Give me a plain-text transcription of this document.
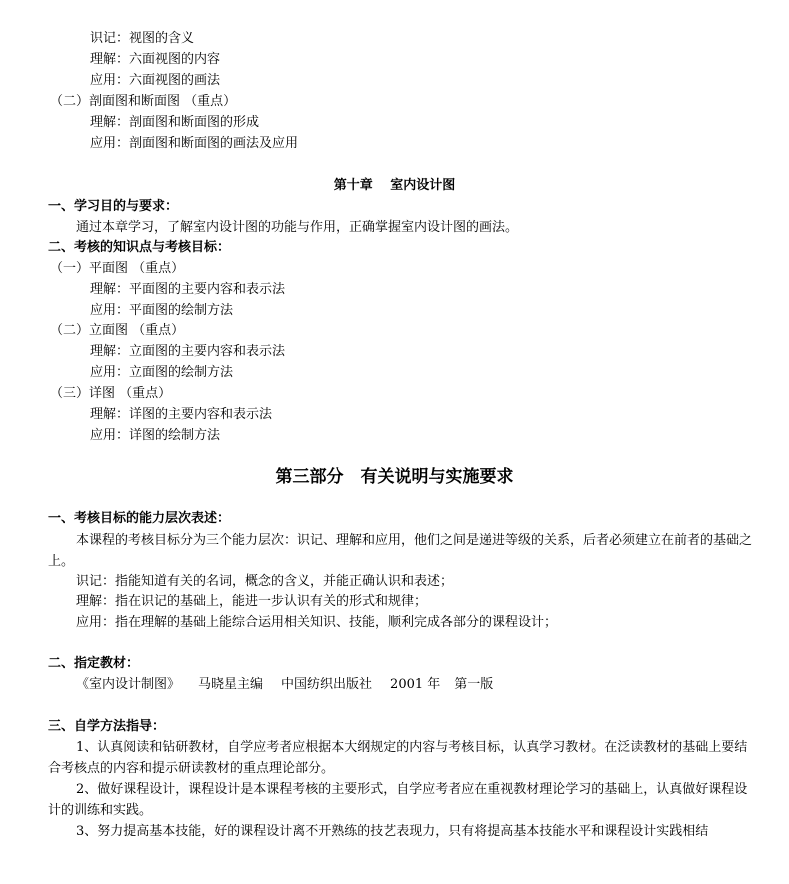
识记：视图的含义
理解：六面视图的内容
应用：六面视图的画法
（二）剖面图和断面图 （重点）
理解：剖面图和断面图的形成
应用：剖面图和断面图的画法及应用
第十章　 室内设计图
一、学习目的与要求：
通过本章学习，了解室内设计图的功能与作用，正确掌握室内设计图的画法。
二、考核的知识点与考核目标：
（一）平面图 （重点）
理解：平面图的主要内容和表示法
应用：平面图的绘制方法
（二）立面图 （重点）
理解：立面图的主要内容和表示法
应用：立面图的绘制方法
（三）详图 （重点）
理解：详图的主要内容和表示法
应用：详图的绘制方法
第三部分　有关说明与实施要求
一、考核目标的能力层次表述：
本课程的考核目标分为三个能力层次：识记、理解和应用，他们之间是递进等级的关系，后者必须建立在前者的基础之上。
识记：指能知道有关的名词，概念的含义，并能正确认识和表述；
理解：指在识记的基础上，能进一步认识有关的形式和规律；
应用：指在理解的基础上能综合运用相关知识、技能，顺利完成各部分的课程设计；
二、指定教材：
《室内设计制图》 马晓星主编 中国纺织出版社 2001 年 第一版
三、自学方法指导：
1、认真阅读和钻研教材，自学应考者应根据本大纲规定的内容与考核目标，认真学习教材。在泛读教材的基础上要结合考核点的内容和提示研读教材的重点理论部分。
2、做好课程设计，课程设计是本课程考核的主要形式，自学应考者应在重视教材理论学习的基础上，认真做好课程设计的训练和实践。
3、努力提高基本技能，好的课程设计离不开熟练的技艺表现力，只有将提高基本技能水平和课程设计实践相结
